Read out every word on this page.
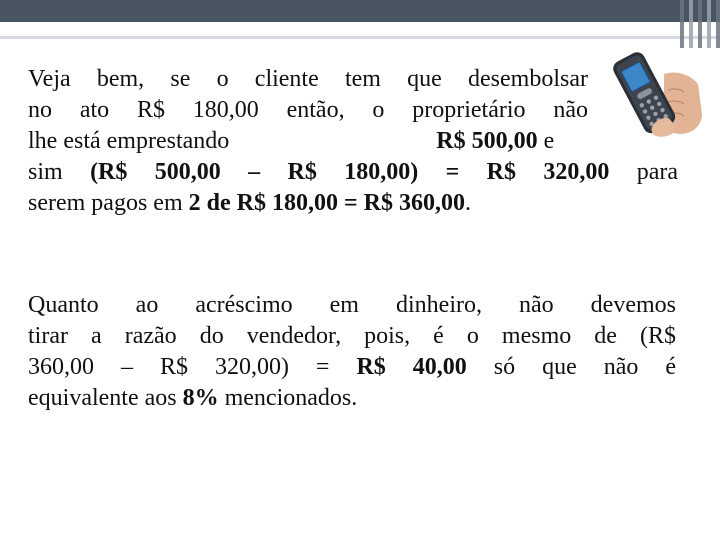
Veja bem, se o cliente tem que desembolsar
no ato R$ 180,00 então, o proprietário não
lhe está emprestando	R$ 500,00 e
sim (R$ 500,00 – R$ 180,00) = R$ 320,00 para
serem pagos em 2 de R$ 180,00 = R$ 360,00.
Quanto ao acréscimo em dinheiro, não devemos
tirar a razão do vendedor, pois, é o mesmo de (R$
360,00 – R$ 320,00) = R$ 40,00 só que não é
equivalente aos 8% mencionados.
